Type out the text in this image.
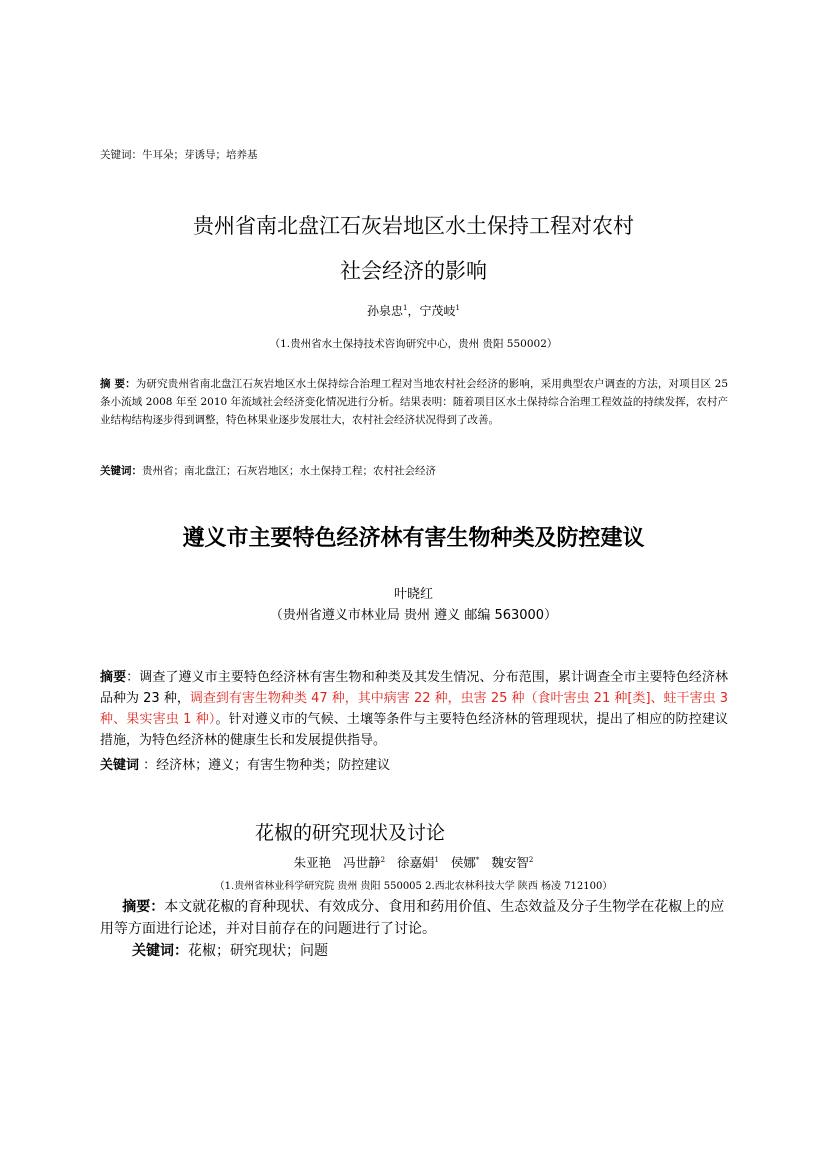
关键词：牛耳朵；芽诱导；培养基
贵州省南北盘江石灰岩地区水土保持工程对农村
社会经济的影响
孙泉忠$^1$，宁茂岐$^1$
（1.贵州省水土保持技术咨询研究中心，贵州 贵阳 550002）
摘 要：为研究贵州省南北盘江石灰岩地区水土保持综合治理工程对当地农村社会经济的影响，采用典型农户调查的方法，对项目区 25 条小流域 2008 年至 2010 年流域社会经济变化情况进行分析。结果表明：随着项目区水土保持综合治理工程效益的持续发挥，农村产业结构结构逐步得到调整，特色林果业逐步发展壮大，农村社会经济状况得到了改善。
关键词：贵州省；南北盘江；石灰岩地区；水土保持工程；农村社会经济
遵义市主要特色经济林有害生物种类及防控建议
叶晓红
（贵州省遵义市林业局 贵州 遵义 邮编 563000）
摘要：调查了遵义市主要特色经济林有害生物和种类及其发生情况、分布范围，累计调查全市主要特色经济林品种为 23 种，调查到有害生物种类 47 种，其中病害 22 种，虫害 25 种（食叶害虫 21 种[类]、蛀干害虫 3 种、果实害虫 1 种）。针对遵义市的气候、土壤等条件与主要特色经济林的管理现状，提出了相应的防控建议措施，为特色经济林的健康生长和发展提供指导。
关键词 ：经济林；遵义；有害生物种类；防控建议
花椒的研究现状及讨论
朱亚艳 冯世静$^2$ 徐嘉娟$^1$ 侯娜* 魏安智$^2$
（1.贵州省林业科学研究院 贵州 贵阳 550005 2.西北农林科技大学 陕西 杨凌 712100）
摘要：本文就花椒的育种现状、有效成分、食用和药用价值、生态效益及分子生物学在花椒上的应用等方面进行论述，并对目前存在的问题进行了讨论。
关键词：花椒；研究现状；问题
